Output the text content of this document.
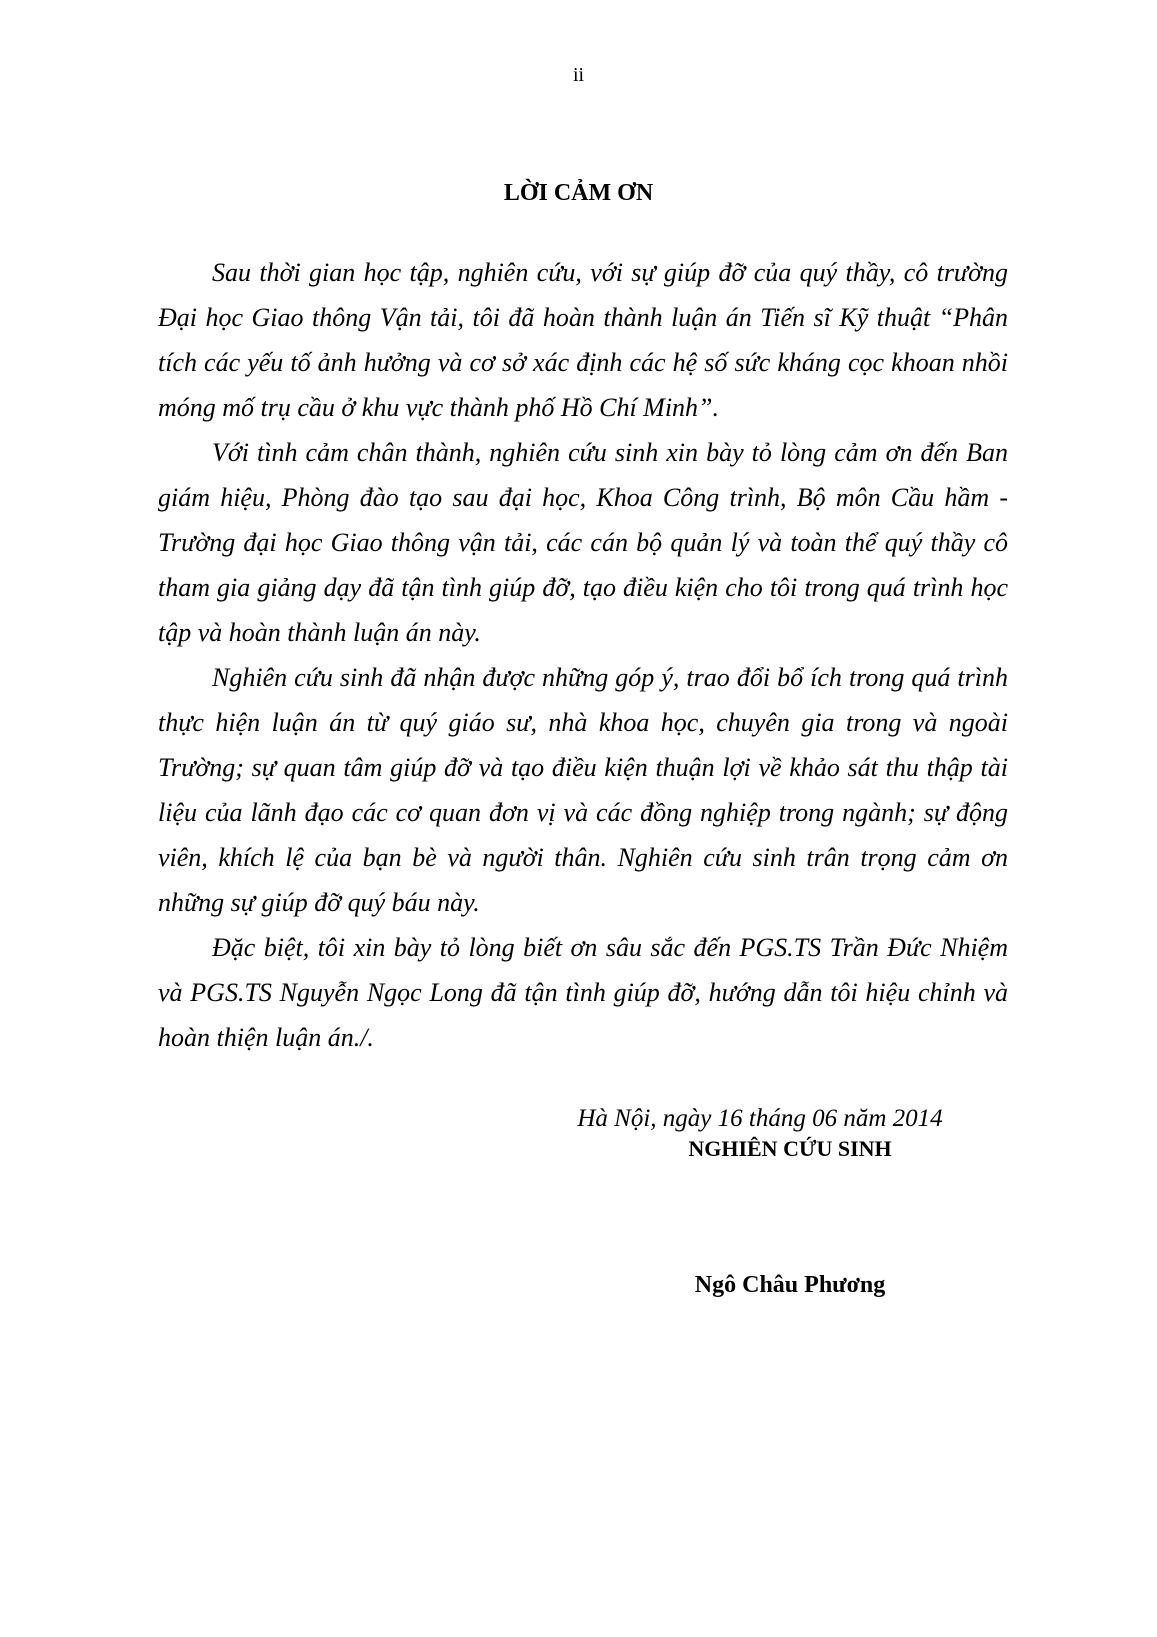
ii
LỜI CẢM ƠN

Sau thời gian học tập, nghiên cứu, với sự giúp đỡ của quý thầy, cô trường Đại học Giao thông Vận tải, tôi đã hoàn thành luận án Tiến sĩ Kỹ thuật “Phân tích các yếu tố ảnh hưởng và cơ sở xác định các hệ số sức kháng cọc khoan nhồi móng mố trụ cầu ở khu vực thành phố Hồ Chí Minh”.

Với tình cảm chân thành, nghiên cứu sinh xin bày tỏ lòng cảm ơn đến Ban giám hiệu, Phòng đào tạo sau đại học, Khoa Công trình, Bộ môn Cầu hầm - Trường đại học Giao thông vận tải, các cán bộ quản lý và toàn thể quý thầy cô tham gia giảng dạy đã tận tình giúp đỡ, tạo điều kiện cho tôi trong quá trình học tập và hoàn thành luận án này.

Nghiên cứu sinh đã nhận được những góp ý, trao đổi bổ ích trong quá trình thực hiện luận án từ quý giáo sư, nhà khoa học, chuyên gia trong và ngoài Trường; sự quan tâm giúp đỡ và tạo điều kiện thuận lợi về khảo sát thu thập tài liệu của lãnh đạo các cơ quan đơn vị và các đồng nghiệp trong ngành; sự động viên, khích lệ của bạn bè và người thân. Nghiên cứu sinh trân trọng cảm ơn những sự giúp đỡ quý báu này.

Đặc biệt, tôi xin bày tỏ lòng biết ơn sâu sắc đến PGS.TS Trần Đức Nhiệm và PGS.TS Nguyễn Ngọc Long đã tận tình giúp đỡ, hướng dẫn tôi hiệu chỉnh và hoàn thiện luận án./.

Hà Nội, ngày 16 tháng 06 năm 2014
NGHIÊN CỨU SINH
Ngô Châu Phương
